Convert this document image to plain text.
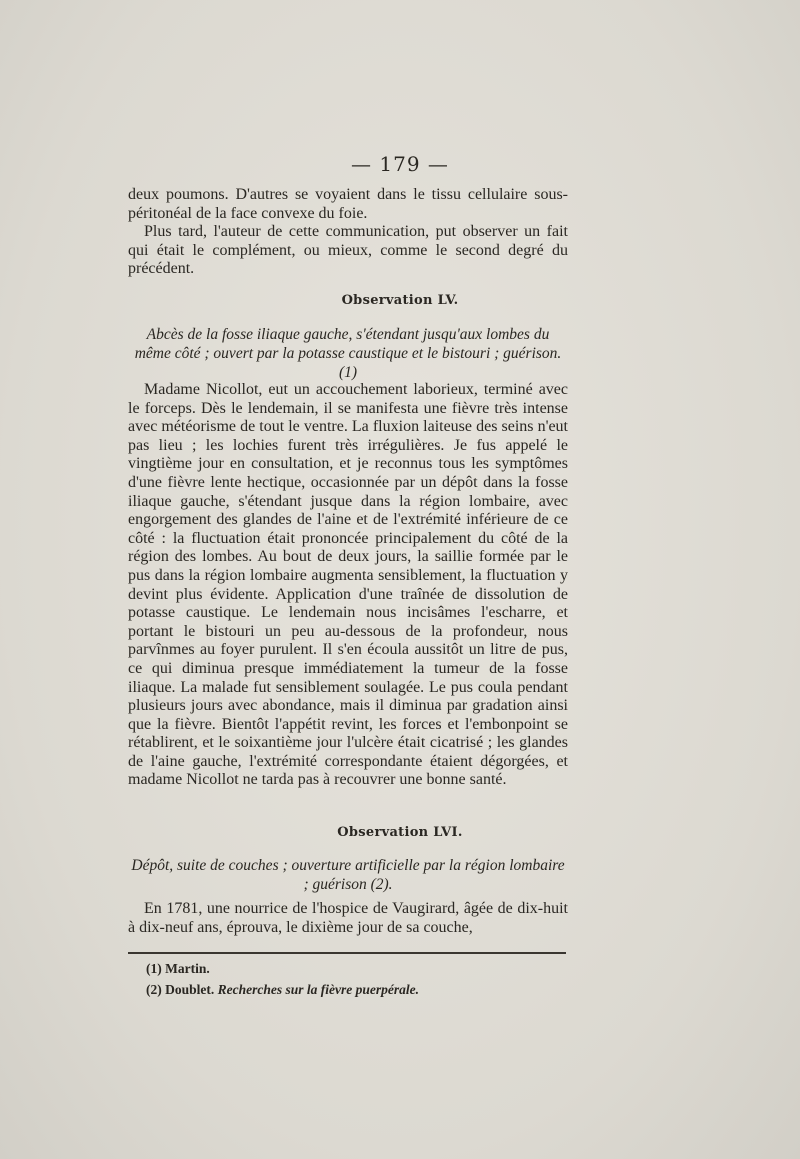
— 179 —

deux poumons. D'autres se voyaient dans le tissu cellulaire sous-péritonéal de la face convexe du foie.

Plus tard, l'auteur de cette communication, put observer un fait qui était le complément, ou mieux, comme le second degré du précédent.

Observation LV.

Abcès de la fosse iliaque gauche, s'étendant jusqu'aux lombes du même côté ; ouvert par la potasse caustique et le bistouri ; guérison. (1)

Madame Nicollot, eut un accouchement laborieux, terminé avec le forceps. Dès le lendemain, il se manifesta une fièvre très intense avec météorisme de tout le ventre. La fluxion laiteuse des seins n'eut pas lieu ; les lochies furent très irrégulières. Je fus appelé le vingtième jour en consultation, et je reconnus tous les symptômes d'une fièvre lente hectique, occasionnée par un dépôt dans la fosse iliaque gauche, s'étendant jusque dans la région lombaire, avec engorgement des glandes de l'aine et de l'extrémité inférieure de ce côté : la fluctuation était prononcée principalement du côté de la région des lombes. Au bout de deux jours, la saillie formée par le pus dans la région lombaire augmenta sensiblement, la fluctuation y devint plus évidente. Application d'une traînée de dissolution de potasse caustique. Le lendemain nous incisâmes l'escharre, et portant le bistouri un peu au-dessous de la profondeur, nous parvînmes au foyer purulent. Il s'en écoula aussitôt un litre de pus, ce qui diminua presque immédiatement la tumeur de la fosse iliaque. La malade fut sensiblement soulagée. Le pus coula pendant plusieurs jours avec abondance, mais il diminua par gradation ainsi que la fièvre. Bientôt l'appétit revint, les forces et l'embonpoint se rétablirent, et le soixantième jour l'ulcère était cicatrisé ; les glandes de l'aine gauche, l'extrémité correspondante étaient dégorgées, et madame Nicollot ne tarda pas à recouvrer une bonne santé.

Observation LVI.

Dépôt, suite de couches ; ouverture artificielle par la région lombaire ; guérison (2).

En 1781, une nourrice de l'hospice de Vaugirard, âgée de dix-huit à dix-neuf ans, éprouva, le dixième jour de sa couche,

(1) Martin.
(2) Doublet. Recherches sur la fièvre puerpérale.
